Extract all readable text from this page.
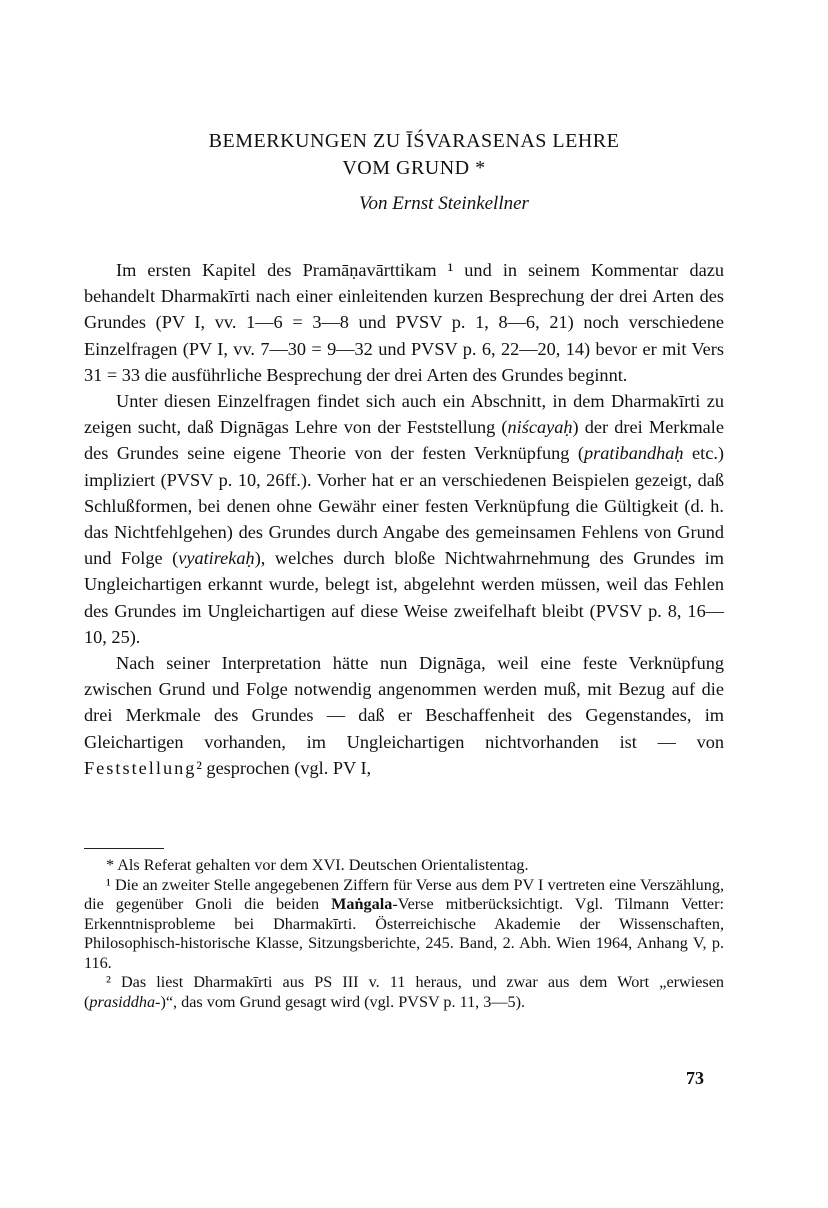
BEMERKUNGEN ZU ĪŚVARASENAS LEHRE
VOM GRUND *
Von Ernst Steinkellner

Im ersten Kapitel des Pramāṇavārttikam ¹ und in seinem Kommentar dazu behandelt Dharmakīrti nach einer einleitenden kurzen Besprechung der drei Arten des Grundes (PV I, vv. 1—6 = 3—8 und PVSV p. 1, 8—6, 21) noch verschiedene Einzelfragen (PV I, vv. 7—30 = 9—32 und PVSV p. 6, 22—20, 14) bevor er mit Vers 31 = 33 die ausführliche Besprechung der drei Arten des Grundes beginnt.

Unter diesen Einzelfragen findet sich auch ein Abschnitt, in dem Dharmakīrti zu zeigen sucht, daß Dignāgas Lehre von der Feststellung (niścayaḥ) der drei Merkmale des Grundes seine eigene Theorie von der festen Verknüpfung (pratibandhaḥ etc.) impliziert (PVSV p. 10, 26ff.). Vorher hat er an verschiedenen Beispielen gezeigt, daß Schlußformen, bei denen ohne Gewähr einer festen Verknüpfung die Gültigkeit (d. h. das Nichtfehlgehen) des Grundes durch Angabe des gemeinsamen Fehlens von Grund und Folge (vyatirekaḥ), welches durch bloße Nichtwahrnehmung des Grundes im Ungleichartigen erkannt wurde, belegt ist, abgelehnt werden müssen, weil das Fehlen des Grundes im Ungleichartigen auf diese Weise zweifelhaft bleibt (PVSV p. 8, 16—10, 25).

Nach seiner Interpretation hätte nun Dignāga, weil eine feste Verknüpfung zwischen Grund und Folge notwendig angenommen werden muß, mit Bezug auf die drei Merkmale des Grundes — daß er Beschaffenheit des Gegenstandes, im Gleichartigen vorhanden, im Ungleichartigen nichtvorhanden ist — von Feststellung² gesprochen (vgl. PV I,

* Als Referat gehalten vor dem XVI. Deutschen Orientalistentag.

¹ Die an zweiter Stelle angegebenen Ziffern für Verse aus dem PV I vertreten eine Verszählung, die gegenüber Gnoli die beiden Maṅgala-Verse mitberücksichtigt. Vgl. Tilmann Vetter: Erkenntnisprobleme bei Dharmakīrti. Österreichische Akademie der Wissenschaften, Philosophisch-historische Klasse, Sitzungsberichte, 245. Band, 2. Abh. Wien 1964, Anhang V, p. 116.

² Das liest Dharmakīrti aus PS III v. 11 heraus, und zwar aus dem Wort „erwiesen (prasiddha-)“, das vom Grund gesagt wird (vgl. PVSV p. 11, 3—5).

73
